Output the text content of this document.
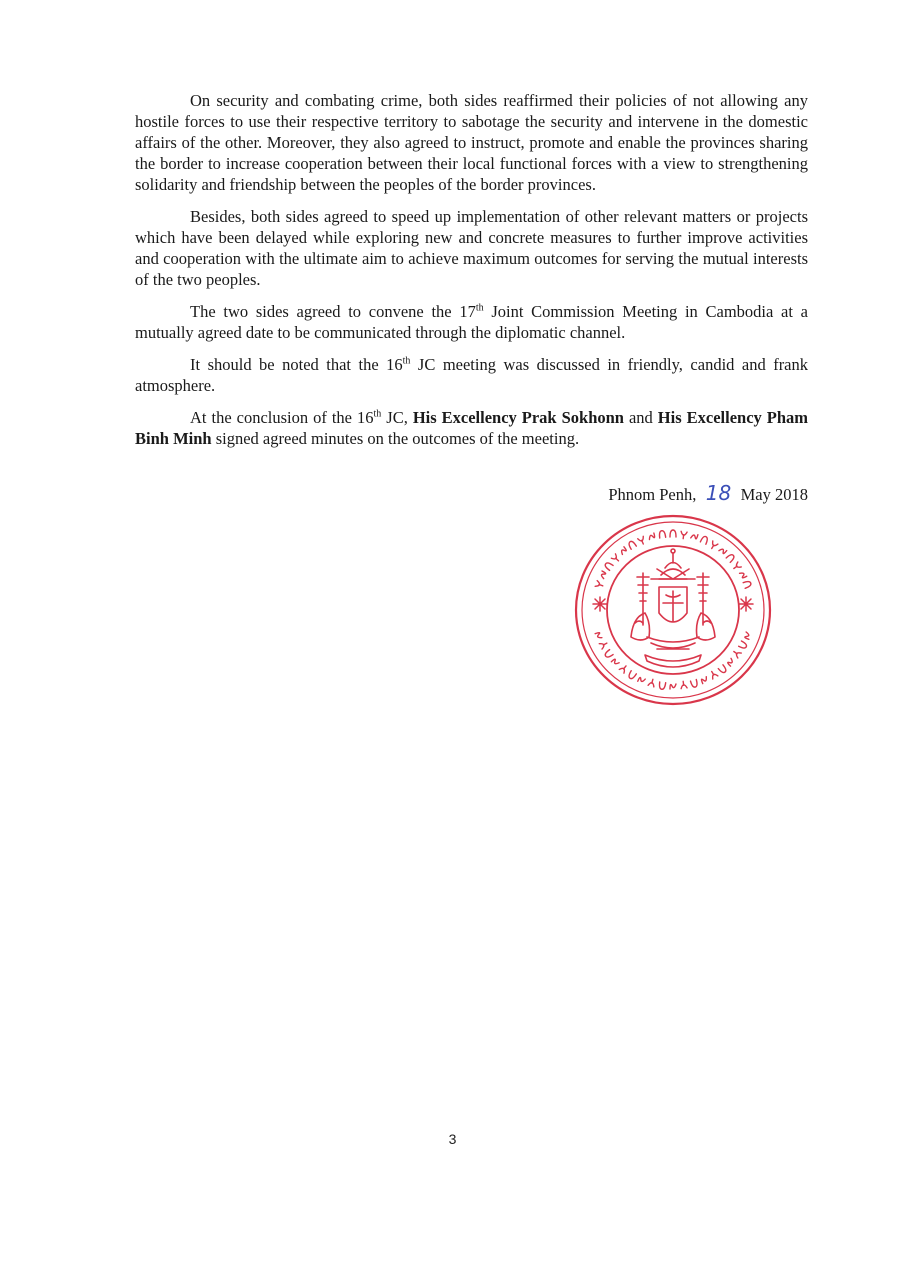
On security and combating crime, both sides reaffirmed their policies of not allowing any hostile forces to use their respective territory to sabotage the security and intervene in the domestic affairs of the other. Moreover, they also agreed to instruct, promote and enable the provinces sharing the border to increase cooperation between their local functional forces with a view to strengthening solidarity and friendship between the peoples of the border provinces.

Besides, both sides agreed to speed up implementation of other relevant matters or projects which have been delayed while exploring new and concrete measures to further improve activities and cooperation with the ultimate aim to achieve maximum outcomes for serving the mutual interests of the two peoples.

The two sides agreed to convene the 17th Joint Commission Meeting in Cambodia at a mutually agreed date to be communicated through the diplomatic channel.

It should be noted that the 16th JC meeting was discussed in friendly, candid and frank atmosphere.

At the conclusion of the 16th JC, His Excellency Prak Sokhonn and His Excellency Pham Binh Minh signed agreed minutes on the outcomes of the meeting.

Phnom Penh, 18 May 2018
3
